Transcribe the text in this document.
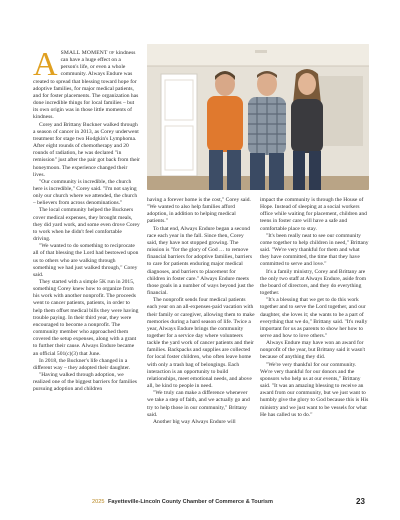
ASMALL MOMENT of kindness can have a huge effect on a person's life, or even a whole community. Always Endure was created to spread that blessing toward hope for adoptive families, for major medical patients, and for foster placements. The organization has done incredible things for local families – but its own origin was in those little moments of kindness.

Corey and Brittany Buckner walked through a season of cancer in 2013, as Corey underwent treatment for stage two Hodgkin's Lymphoma. After eight rounds of chemotherapy and 20 rounds of radiation, he was declared "in remission" just after the pair got back from their honeymoon. The experience changed their lives.

"Our community is incredible, the church here is incredible," Corey said. "I'm not saying only our church where we attended, the church – believers from across denominations."

The local community helped the Buckners cover medical expenses, they brought meals, they did yard work, and some even drove Corey to work when he didn't feel comfortable driving.

"We wanted to do something to reciprocate all of that blessing the Lord had bestowed upon us to others who are walking through something we had just walked through," Corey said.

They started with a simple 5K run in 2015, something Corey knew how to organize from his work with another nonprofit. The proceeds went to cancer patients, patients, in order to help them offset medical bills they were having trouble paying. In their third year, they were encouraged to become a nonprofit. The community member who approached them covered the setup expenses, along with a grant to further their cause. Always Endure became an official 501(c)(3) that June.

In 2018, the Buckner's life changed in a different way – they adopted their daughter.

"Having walked through adoption, we realized one of the biggest barriers for families pursuing adoption and children

having a forever home is the cost," Corey said. "We wanted to also help families afford adoption, in addition to helping medical patients."

To that end, Always Endure began a second race each year in the fall. Since then, Corey said, they have not stopped growing. The mission is "for the glory of God … to remove financial barriers for adoptive families, barriers to care for patients enduring major medical diagnoses, and barriers to placement for children in foster care." Always Endure meets those goals in a number of ways beyond just the financial.

The nonprofit sends four medical patients each year on an all-expenses-paid vacation with their family or caregiver, allowing them to make memories during a hard season of life. Twice a year, Always Endure brings the community together for a service day where volunteers tackle the yard work of cancer patients and their families. Backpacks and supplies are collected for local foster children, who often leave home with only a trash bag of belongings. Each interaction is an opportunity to build relationships, meet emotional needs, and above all, be kind to people in need.

"We truly can make a difference whenever we take a step of faith, and we actually go and try to help those in our community," Brittany said.

Another big way Always Endure will

impact the community is through the House of Hope. Instead of sleeping at a social workers office while waiting for placement, children and teens in foster care will have a safe and comfortable place to stay.

"It's been really neat to see our community come together to help children in need," Brittany said. "We're very thankful for them and what they have committed, the time that they have committed to serve and love."

It's a family ministry, Corey and Brittany are the only two staff at Always Endure, aside from the board of directors, and they do everything together.

"It's a blessing that we get to do this work together and to serve the Lord together, and our daughter, she loves it; she wants to be a part of everything that we do," Brittany said. "It's really important for us as parents to show her how to serve and how to love others."

Always Endure may have won an award for nonprofit of the year, but Brittany said it wasn't because of anything they did.

"We're very thankful for our community. We're very thankful for our donors and the sponsors who help us at our events," Brittany said. "It was an amazing blessing to receive an award from our community, but we just want to humbly give the glory to God because this is His ministry and we just want to be vessels for what He has called us to do."

2025 Fayetteville-Lincoln County Chamber of Commerce & Tourism	23
